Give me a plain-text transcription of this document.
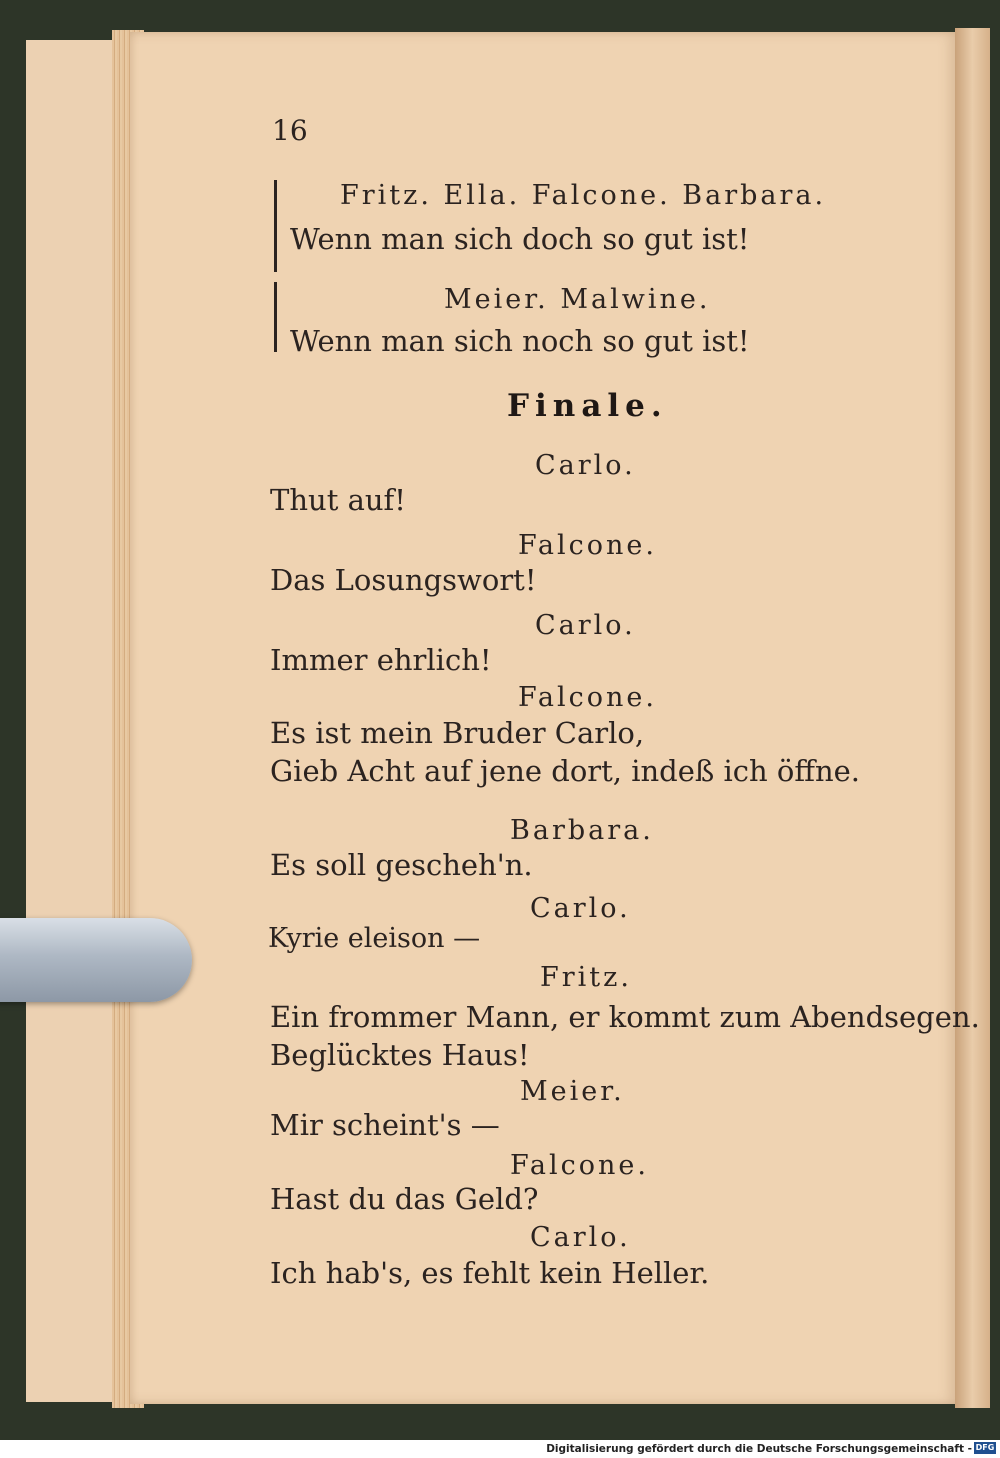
16
Fritz. Ella. Falcone. Barbara.
Wenn man sich doch so gut ist!
Meier. Malwine.
Wenn man sich noch so gut ist!
Finale.
Carlo.
Thut auf!
Falcone.
Das Losungswort!
Carlo.
Immer ehrlich!
Falcone.
Es ist mein Bruder Carlo,
Gieb Acht auf jene dort, indeß ich öffne.
Barbara.
Es soll gescheh'n.
Carlo.
Kyrie eleison —
Fritz.
Ein frommer Mann, er kommt zum Abendsegen.
Beglücktes Haus!
Meier.
Mir scheint's —
Falcone.
Hast du das Geld?
Carlo.
Ich hab's, es fehlt kein Heller.
Digitalisierung gefördert durch die Deutsche Forschungsgemeinschaft - DFG
